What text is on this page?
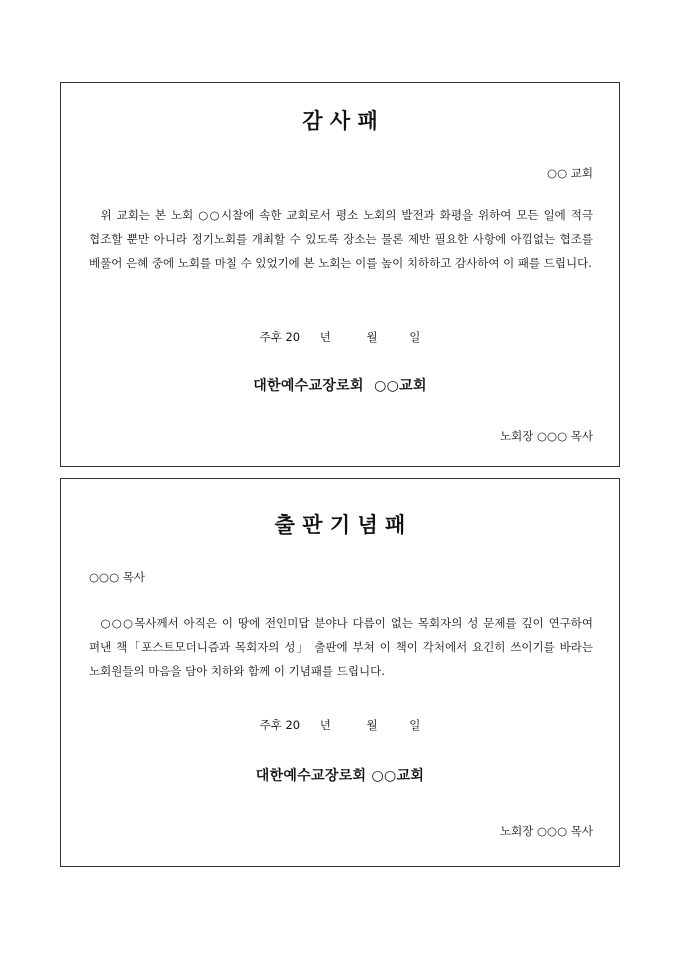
감 사 패
○○ 교회
위 교회는 본 노회 ○○시찰에 속한 교회로서 평소 노회의 발전과 화평을 위하여 모든 일에 적극 협조할 뿐만 아니라 정기노회를 개최할 수 있도록 장소는 물론 제반 필요한 사항에 아낌없는 협조를 베풀어 은혜 중에 노회를 마칠 수 있었기에 본 노회는 이를 높이 치하하고 감사하여 이 패를 드립니다.
주후 20 년	월	일
대한예수교장로회  ○○교회
노회장 ○○○ 목사
출 판 기 념 패
○○○ 목사
○○○목사께서 아직은 이 땅에 전인미답 분야나 다름이 없는 목회자의 성 문제를 깊이 연구하여 펴낸 책「포스트모더니즘과 목회자의 성」 출판에 부쳐 이 책이 각처에서 요긴히 쓰이기를 바라는 노회원들의 마음을 담아 치하와 함께 이 기념패를 드립니다.
주후 20 년	월	일
대한예수교장로회 ○○교회
노회장 ○○○ 목사
